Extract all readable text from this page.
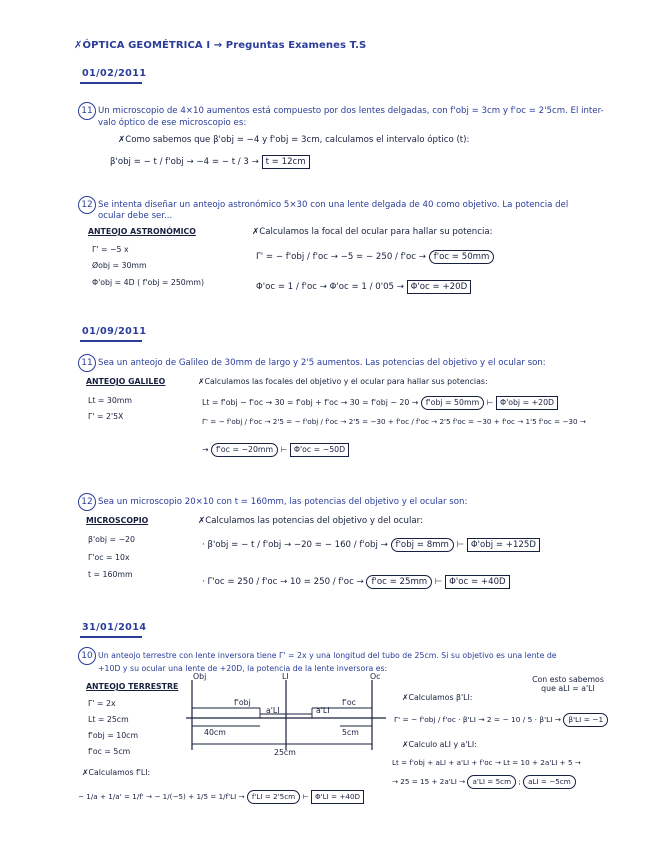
✗ÓPTICA GEOMÉTRICA I → Preguntas Examenes T.S
01/02/2011
11 Un microscopio de 4×10 aumentos está compuesto por dos lentes delgadas, con f'obj = 3cm y f'oc = 2'5cm. El inter-
valo óptico de ese microscopio es:
✗Como sabemos que β'obj = −4 y f'obj = 3cm, calculamos el intervalo óptico (t):
β'obj = − t / f'obj → −4 = − t / 3 → t = 12cm
12 Se intenta diseñar un anteojo astronómico 5×30 con una lente delgada de 40 como objetivo. La potencia del
ocular debe ser...
ANTEOJO ASTRONÓMICO
Γ' = −5 x
Øobj = 30mm
Φ'obj = 4D ( f'obj = 250mm)
✗Calculamos la focal del ocular para hallar su potencia:
Γ' = − f'obj / f'oc → −5 = − 250 / f'oc → f'oc = 50mm
Φ'oc = 1 / f'oc → Φ'oc = 1 / 0'05 → Φ'oc = +20D
01/09/2011
11 Sea un anteojo de Galileo de 30mm de largo y 2'5 aumentos. Las potencias del objetivo y el ocular son:
ANTEOJO GALILEO
Lt = 30mm
Γ' = 2'5X
✗Calculamos las focales del objetivo y el ocular para hallar sus potencias:
Lt = f'obj − f'oc → 30 = f'obj + f'oc → 30 = f'obj − 20 → f'obj = 50mm ⊢ Φ'obj = +20D
Γ' = − f'obj / f'oc → 2'5 = − f'obj / f'oc → 2'5 = −30 + f'oc / f'oc → 2'5 f'oc = −30 + f'oc → 1'5 f'oc = −30 →
→ f'oc = −20mm ⊢ Φ'oc = −50D
12 Sea un microscopio 20×10 con t = 160mm, las potencias del objetivo y el ocular son:
MICROSCOPIO
β'obj = −20
Γ'oc = 10x
t = 160mm
✗Calculamos las potencias del objetivo y del ocular:
· β'obj = − t / f'obj → −20 = − 160 / f'obj → f'obj = 8mm ⊢ Φ'obj = +125D
· Γ'oc = 250 / f'oc → 10 = 250 / f'oc → f'oc = 25mm ⊢ Φ'oc = +40D
31/01/2014
10 Un anteojo terrestre con lente inversora tiene Γ' = 2x y una longitud del tubo de 25cm. Si su objetivo es una lente de
+10D y su ocular una lente de +20D, la potencia de la lente inversora es:
ANTEOJO TERRESTRE
Γ' = 2x
Lt = 25cm
f'obj = 10cm
f'oc = 5cm
Obj	LI	Oc
f'obj	f'oc
a'LI	a'LI
40cm	5cm
25cm
Con esto sabemos que aLI = a'LI
✗Calculamos β'LI:
Γ' = − f'obj / f'oc · β'LI → 2 = − 10 / 5 · β'LI → β'LI = −1
✗Calculo aLI y a'LI:
Lt = f'obj + aLI + a'LI + f'oc → Lt = 10 + 2a'LI + 5 →
→ 25 = 15 + 2a'LI → a'LI = 5cm ; aLI = −5cm
✗Calculamos f'LI:
− 1/a + 1/a' = 1/f' → − 1/(−5) + 1/5 = 1/f'LI → f'LI = 2'5cm ⊢ Φ'LI = +40D
